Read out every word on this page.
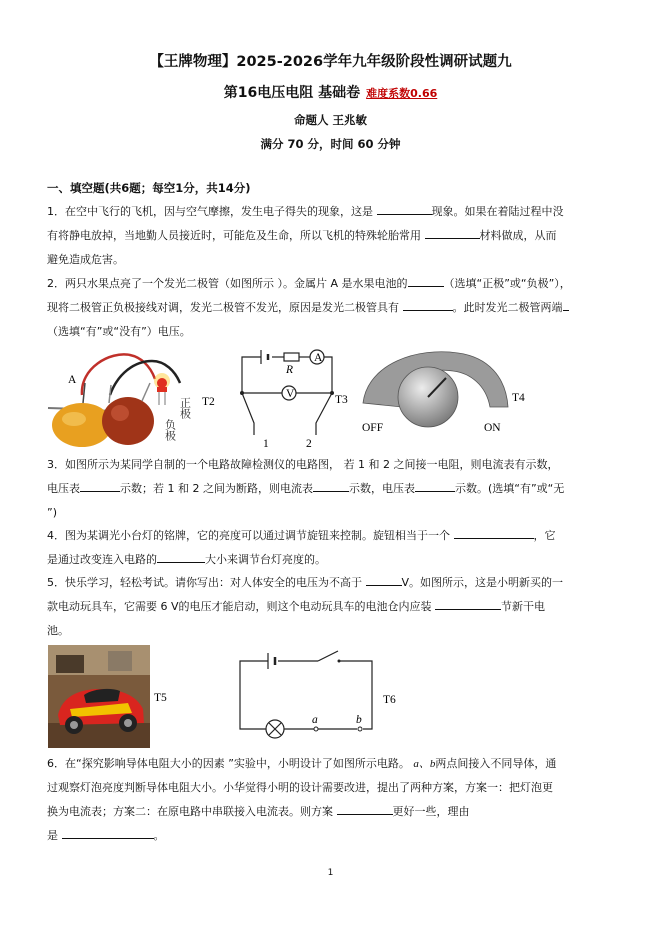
【王牌物理】2025-2026学年九年级阶段性调研试题九
第16电压电阻 基础卷 难度系数0.66
命题人 王兆敏
满分 70 分，时间 60 分钟
一、填空题(共6题；每空1分，共14分)
1．在空中飞行的飞机，因与空气摩擦，发生电子得失的现象，这是	现象。如果在着陆过程中没
有将静电放掉，当地勤人员接近时，可能危及生命，所以飞机的特殊轮胎常用	材料做成，从而
避免造成危害。
2．两只水果点亮了一个发光二极管（如图所示 ）。金属片 A 是水果电池的	（选填“正极”或“负极”），
现将二极管正负极接线对调，发光二极管不发光，原因是发光二极管具有	。此时发光二极管两端
（选填“有”或“没有”）电压。
A
负极
正极 T2
R
A
V
1	2
T3
OFF	ON
T4
3．如图所示为某同学自制的一个电路故障检测仪的电路图， 若 1 和 2 之间接一电阻，则电流表有示数，
电压表	示数；若 1 和 2 之间为断路，则电流表	示数，电压表	示数。(选填“有”或“无
”)
4．图为某调光小台灯的铭牌，它的亮度可以通过调节旋钮来控制。旋钮相当于一个	，它
是通过改变连入电路的	大小来调节台灯亮度的。
5．快乐学习，轻松考试。请你写出：对人体安全的电压为不高于	V。如图所示，这是小明新买的一
款电动玩具车，它需要 6 V的电压才能启动，则这个电动玩具车的电池仓内应装	节新干电
池。
T5
a	b
T6
6．在“探究影响导体电阻大小的因素 ”实验中，小明设计了如图所示电路。 a、b两点间接入不同导体，通
过观察灯泡亮度判断导体电阻大小。小华觉得小明的设计需要改进，提出了两种方案，方案一：把灯泡更
换为电流表；方案二：在原电路中串联接入电流表。则方案	更好一些，理由
是	。
1
